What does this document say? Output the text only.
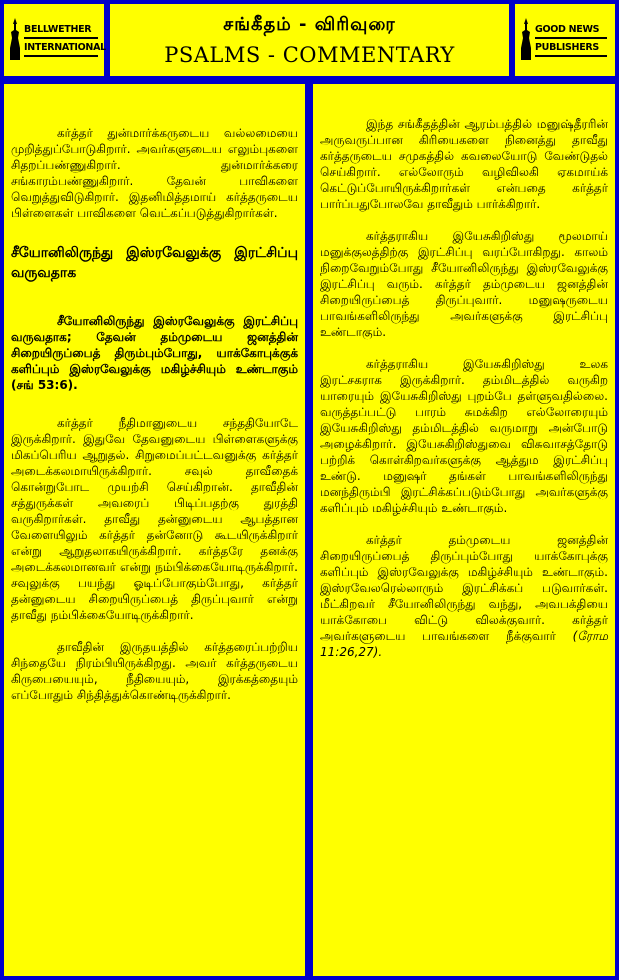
BELLWETHER
INTERNATIONAL
சங்கீதம் - விரிவுரை
PSALMS - COMMENTARY
GOOD NEWS
PUBLISHERS

கர்த்தர் துன்மார்க்கருடைய வல்லமையை முறித்துப்போடுகிறார். அவர்களுடைய எலும்புகளை சிதறப்பண்ணுகிறார். துன்மார்க்கரை சங்காரம்பண்ணுகிறார். தேவன் பாவிகளை வெறுத்துவிடுகிறார். இதனிமித்தமாய் கர்த்தருடைய பிள்ளைகள் பாவிகளை வெட்கப்படுத்துகிறார்கள்.

சீயோனிலிருந்து இஸ்ரவேலுக்கு இரட்சிப்பு வருவதாக

சீயோனிலிருந்து இஸ்ரவேலுக்கு இரட்சிப்பு வருவதாக; தேவன் தம்முடைய ஜனத்தின் சிறையிருப்பைத் திரும்பும்போது, யாக்கோபுக்குக் களிப்பும் இஸ்ரவேலுக்கு மகிழ்ச்சியும் உண்டாகும் (சங் 53:6).

கர்த்தர் நீதிமானுடைய சந்ததியோடே இருக்கிறார். இதுவே தேவனுடைய பிள்ளைகளுக்கு மிகப்பெரிய ஆறுதல். சிறுமைப்பட்டவனுக்கு கர்த்தர் அடைக்கலமாயிருக்கிறார். சவுல் தாவீதைக் கொன்றுபோட முயற்சி செய்கிறான். தாவீதின் சத்துருக்கள் அவரைப் பிடிப்பதற்கு துரத்தி வருகிறார்கள். தாவீது தன்னுடைய ஆபத்தான வேளையிலும் கர்த்தர் தன்னோடு கூடயிருக்கிறார் என்று ஆறுதலாகயிருக்கிறார். கர்த்தரே தனக்கு அடைக்கலமானவர் என்று நம்பிக்கையோடிருக்கிறார். சவுலுக்கு பயந்து ஓடிப்போகும்போது, கர்த்தர் தன்னுடைய சிறையிருப்பைத் திருப்புவார் என்று தாவீது நம்பிக்கையோடிருக்கிறார்.

தாவீதின் இருதயத்தில் கர்த்தரைப்பற்றிய சிந்தையே நிரம்பியிருக்கிறது. அவர் கர்த்தருடைய கிருபையையும், நீதியையும், இரக்கத்தையும் எப்போதும் சிந்தித்துக்கொண்டிருக்கிறார்.

இந்த சங்கீதத்தின் ஆரம்பத்தில் மனுஷ்தீரரின் அருவருப்பான கிரியைகளை நினைத்து தாவீது கர்த்தருடைய சமுகத்தில் கவலையோடு வேண்டுதல் செய்கிறார். எல்லோரும் வழிவிலகி ஏகமாய்க் கெட்டுப்போயிருக்கிறார்கள் என்பதை கர்த்தர் பார்ப்பதுபோலவே தாவீதும் பார்க்கிறார்.

கர்த்தராகிய இயேசுகிறிஸ்து மூலமாய் மனுக்குலத்திற்கு இரட்சிப்பு வரப்போகிறது. காலம் நிறைவேறும்போது சீயோனிலிருந்து இஸ்ரவேலுக்கு இரட்சிப்பு வரும். கர்த்தர் தம்முடைய ஜனத்தின் சிறையிருப்பைத் திருப்புவார். மனுஷருடைய பாவங்களிலிருந்து அவர்களுக்கு இரட்சிப்பு உண்டாகும்.

கர்த்தராகிய இயேசுகிறிஸ்து உலக இரட்சகராக இருக்கிறார். தம்மிடத்தில் வருகிற யாரையும் இயேசுகிறிஸ்து புறம்பே தள்ளுவதில்லை. வருத்தப்பட்டு பாரம் சுமக்கிற எல்லோரையும் இயேசுகிறிஸ்து தம்மிடத்தில் வருமாறு அன்போடு அழைக்கிறார். இயேசுகிறிஸ்துவை விசுவாசத்தோடு பற்றிக் கொள்கிறவர்களுக்கு ஆத்தும இரட்சிப்பு உண்டு. மனுஷர் தங்கள் பாவங்களிலிருந்து மனந்திரும்பி இரட்சிக்கப்படும்போது அவர்களுக்கு களிப்பும் மகிழ்ச்சியும் உண்டாகும்.

கர்த்தர் தம்முடைய ஜனத்தின் சிறையிருப்பைத் திருப்பும்போது யாக்கோபுக்கு களிப்பும் இஸ்ரவேலுக்கு மகிழ்ச்சியும் உண்டாகும். இஸ்ரவேலரெல்லாரும் இரட்சிக்கப் படுவார்கள். மீட்கிறவர் சீயோனிலிருந்து வந்து, அவபக்தியை யாக்கோபை விட்டு விலக்குவார். கர்த்தர் அவர்களுடைய பாவங்களை நீக்குவார் (ரோம 11:26,27).
